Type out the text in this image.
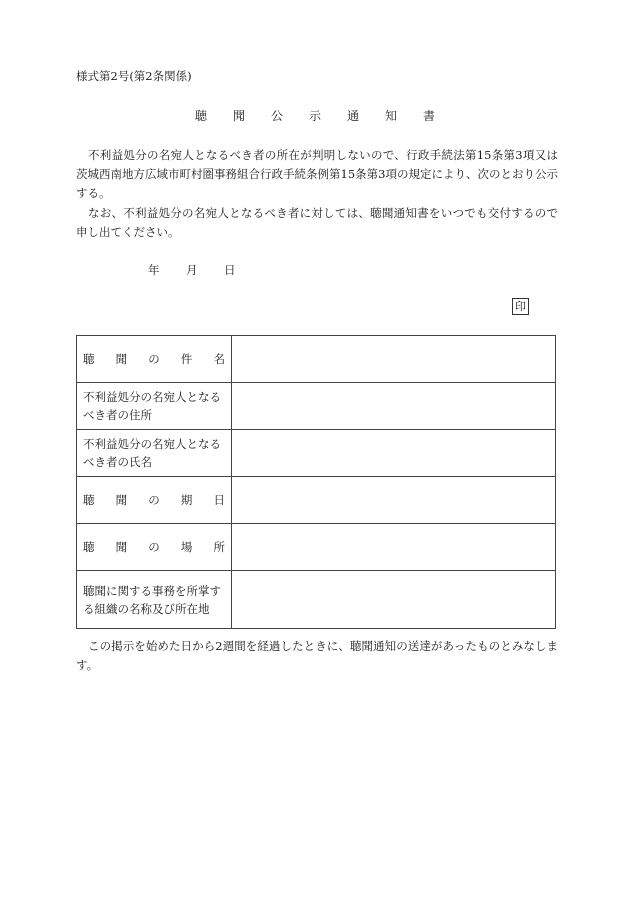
様式第2号(第2条関係)
聴聞公示通知書
不利益処分の名宛人となるべき者の所在が判明しないので、行政手続法第15条第3項又は茨城西南地方広域市町村圏事務組合行政手続条例第15条第3項の規定により、次のとおり公示する。
なお、不利益処分の名宛人となるべき者に対しては、聴聞通知書をいつでも交付するので申し出てください。
年	月	日
印
聴 聞 の 件 名	

不利益処分の名宛人となるべき者の住所	
不利益処分の名宛人となるべき者の氏名	

聴 聞 の 期 日	

聴 聞 の 場 所	

聴聞に関する事務を所掌する組織の名称及び所在地	
この掲示を始めた日から2週間を経過したときに、聴聞通知の送達があったものとみなします。
